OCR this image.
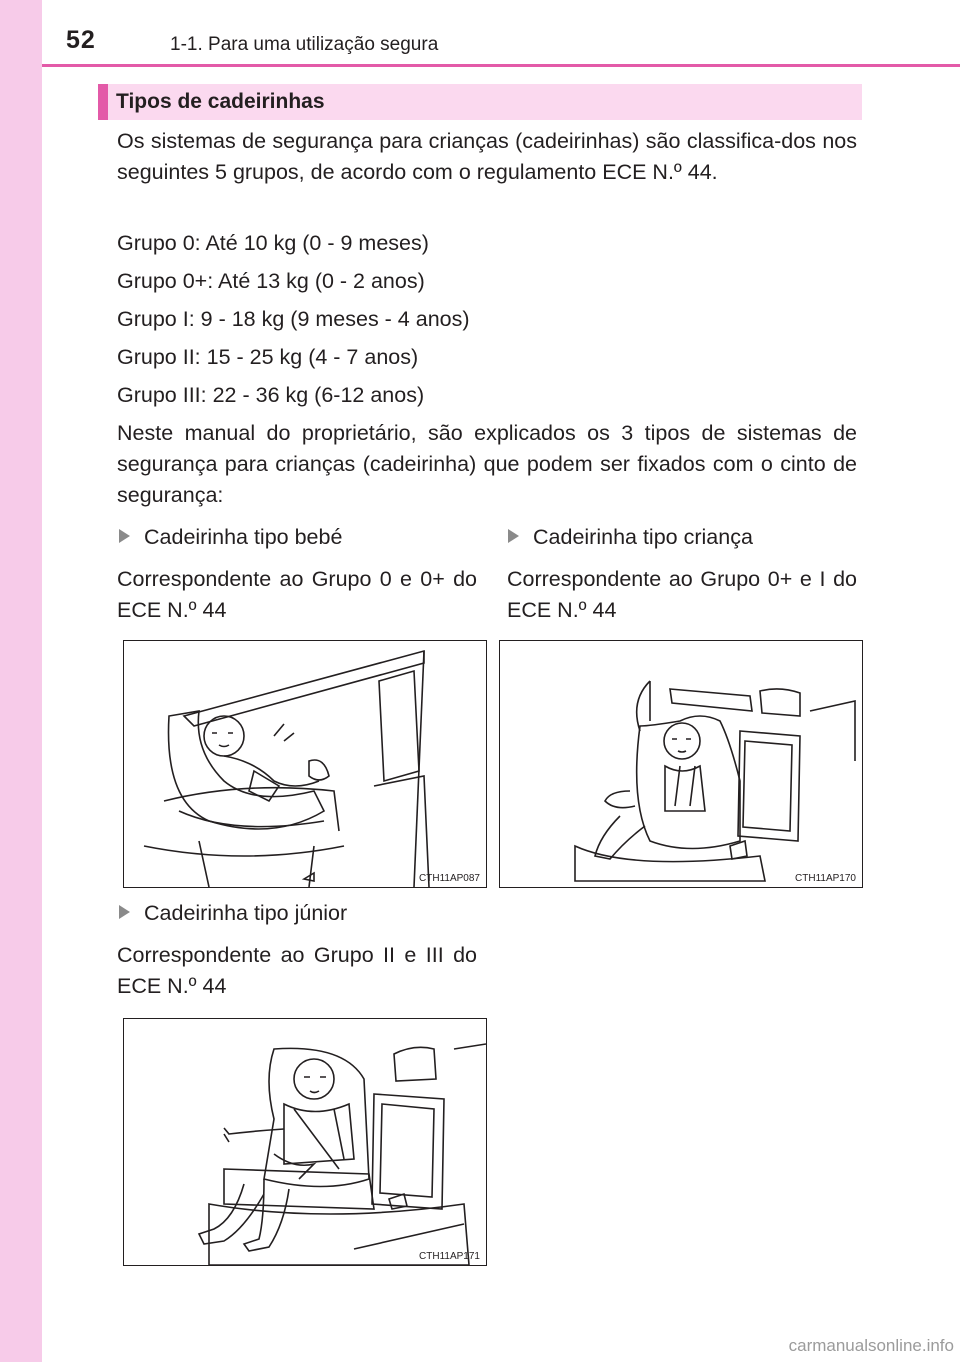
52	1-1. Para uma utilização segura
Tipos de cadeirinhas
Os sistemas de segurança para crianças (cadeirinhas) são classifica-dos nos seguintes 5 grupos, de acordo com o regulamento ECE N.º 44.
Grupo 0: Até 10 kg (0 - 9 meses)
Grupo 0+: Até 13 kg (0 - 2 anos)
Grupo I: 9 - 18 kg (9 meses - 4 anos)
Grupo II: 15 - 25 kg (4 - 7 anos)
Grupo III: 22 - 36 kg (6-12 anos)
Neste manual do proprietário, são explicados os 3 tipos de sistemas de segurança para crianças (cadeirinha) que podem ser fixados com o cinto de segurança:
Cadeirinha tipo bebé
Correspondente ao Grupo 0 e 0+ do ECE N.º 44
Cadeirinha tipo criança
Correspondente ao Grupo 0+ e I do ECE N.º 44
CTH11AP087	CTH11AP170
Cadeirinha tipo júnior
Correspondente ao Grupo II e III do ECE N.º 44
CTH11AP171
carmanualsonline.info
